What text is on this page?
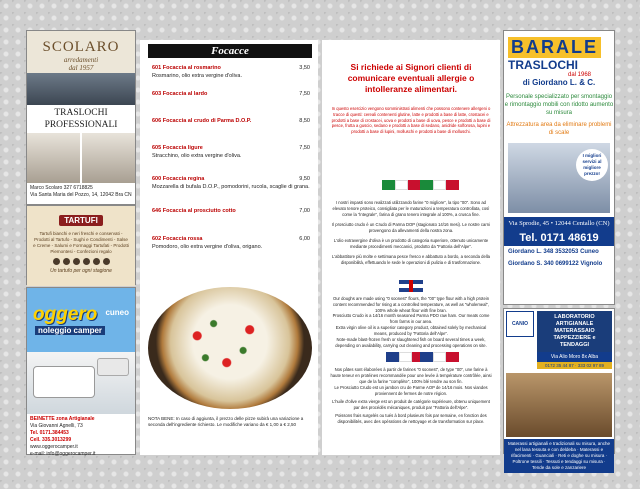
SCOLARO
arredamenti
dal 1957
TRASLOCHI PROFESSIONALI
Marco Scolaro 327 6718825
Via Santa Maria del Pozzo, 14, 12042 Bra CN
TARTUFI
Tartufi bianchi e neri freschi e conservati - Prodotti al Tartufo - Sughi e Condimenti - Salse e Creme - Salumi e Formaggi Tartufati - Prodotti Piemontesi - Confezioni regalo
Un tartufo per ogni stagione
oggero cuneo
noleggio camper
BEINETTE zona Artigianale
Via Giovanni Agnelli, 73
Tel. 0171.384453
Cell. 335.3013299
www.oggerocamper.it
e-mail: info@oggerocamper.it
Focacce
601 Focaccia al rosmarino	3,50
Rosmarino, olio extra vergine d'oliva.
603 Focaccia al lardo	7,50
606 Focaccia al crudo di Parma D.O.P.	8,50
605 Focaccia ligure	7,50
Stracchino, olio extra vergine d'oliva.
600 Focaccia regina	9,50
Mozzarella di bufala D.O.P., pomodorini, rucola, scaglie di grana.
646 Focaccia al prosciutto cotto	7,00
602 Focaccia rossa	6,00
Pomodoro, olio extra vergine d'oliva, origano.
NOTA BENE: In caso di aggiunta, il prezzo delle pizze subirà una variazione a seconda dell'ingrediente richiesto. Le modifiche variano da € 1,00 a € 2,50
Si richiede ai Signori clienti di comunicare eventuali allergie o intolleranze alimentari.
In questo esercizio vengono somministrati alimenti che possono contenere allergeni o tracce di questi: cereali contenenti glutine, latte e prodotti a base di latte, crostacei e prodotti a base di crostacei, uova e prodotti a base di uova, pesce e prodotti a base di pesce, frutta a guscio, sedano e prodotti a base di sedano, anidride solforosa, lupini e prodotti a base di lupini, molluschi e prodotti a base di molluschi.
I nostri impasti sono realizzati utilizzando farine "0 migliore", la tipo "00". Sono ad elevato tenore proteico, consigliata per le maturazioni a temperatura controllata, così come la "integrale", farina di grano tenero integrale al 100%, a crusca fine.
Il prosciutto crudo è un Crudo di Parma DOP (stagionato 14/16 mesi). Le nostre carni provengono da allevamenti della nostra zona.
L'olio extravergine d'oliva è un prodotto di categoria superiore, ottenuto unicamente mediante procedimenti meccanici, prodotto da "Fattoria dell'Alpe".
L'abbattitore più molte e settimana pesce fresco e abbattuto a bordo, a seconda della disponibilità, effettuando le sede le operazioni di pulizia e di trasformazione.
Our doughs are made using "0 soonest" flours, the "00" type flour with a high protein content recommended for rising at a controlled temperature, as well as "wholemeal", 100% whole wheat flour with fine bran.
Prosciutto Crudo is a 14/16 month seasoned Parma PDO raw ham. Our meats come from farms in our area.
Extra virgin olive oil is a superior category product, obtained solely by mechanical means, produced by "Fattoria dell'Alpe".
Note-made blast-frozen fresh or slaughtered fish on board several times a week, depending on availability, carrying out cleaning and processing operations on site.
Nos pâtes sont élaborées à partir de farines "0 soonest", de type "00", une farine à haute teneur en protéines recommandée pour une levée à température contrôlée, ainsi que de la farine "complète", 100% blé tendre au son fin.
Le Prosciutto Crudo est un jambon cru de Parme AOP de 14/16 mois. Nos viandes proviennent de fermes de notre région.
L'huile d'olive extra vierge est un produit de catégorie supérieure, obtenu uniquement par des procédés mécaniques, produit par "Fattoria dell'Alpe".
Poissons frais surgelés ou tués à bord plusieurs fois par semaine, en fonction des disponibilités, avec des opérations de nettoyage et de transformation sur place.
BARALE
TRASLOCHI
dal 1968
di Giordano L. & C.
Personale specializzato per smontaggio e rimontaggio mobili con ridotto aumento su misura
Attrezzatura area da eliminare problemi di scale
I migliori servizi al migliore prezzo!
Via Sprodie, 45 • 12044 Centallo (CN)
Tel. 0171 48619
Giordano L. 348 3532053 Cuneo
Giordano S. 340 0699122 Vignolo
CANIO
LABORATORIO ARTIGIANALE MATERASSAIO TAPPEZZIERE e TENDAGGI
Via Alio Moro 8x Alba
0172 35 44 87 · 333 02 97 89
Materassi artigianali e tradizionali su misura, anche nel lana tessuta e con deldeba · Materassi e rifacimenti · Guanciali · Reti e doghe su misura · Poltrone tessili · Tessuti e tendaggi su misura · Tende da sole e zanzariere
